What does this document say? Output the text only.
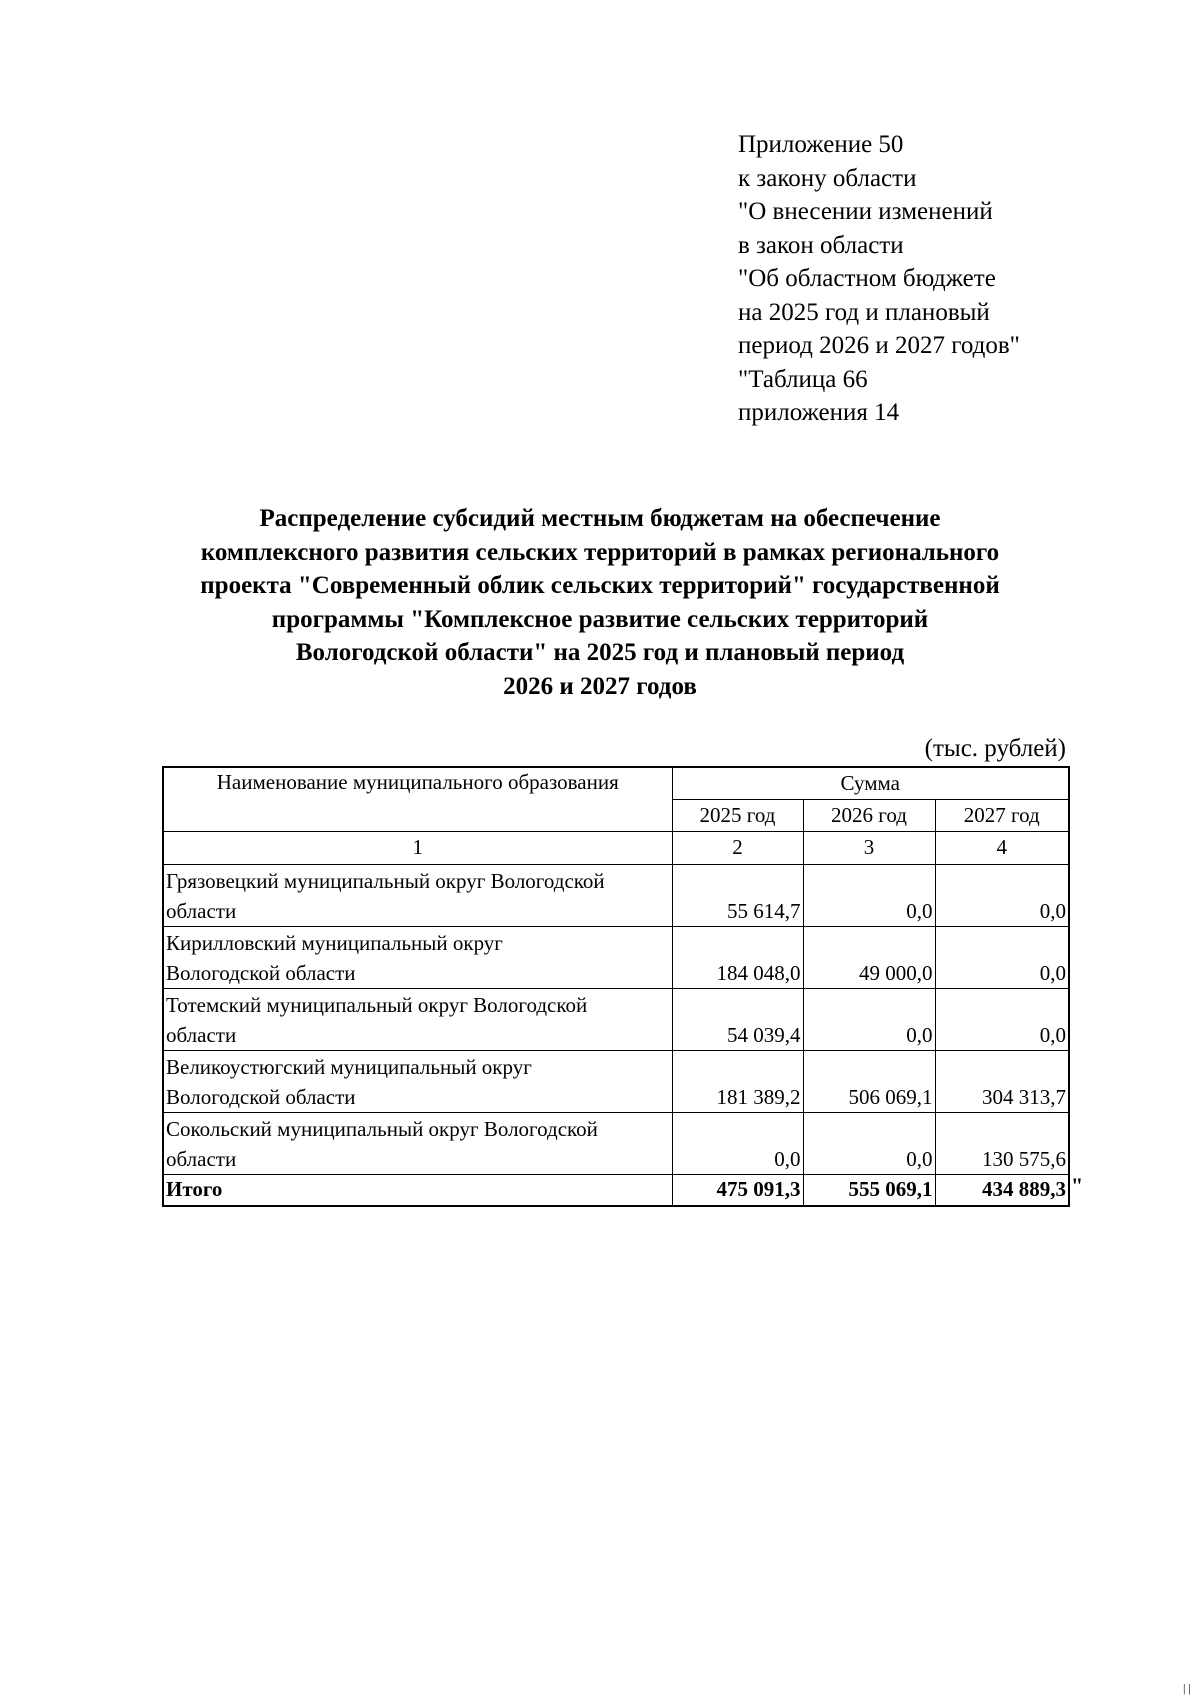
Приложение 50
к закону области
"О внесении изменений
в закон области
"Об областном бюджете
на 2025 год и плановый
период 2026 и 2027 годов"
"Таблица 66
приложения 14
Распределение субсидий местным бюджетам на обеспечение
комплексного развития сельских территорий в рамках регионального
проекта "Современный облик сельских территорий" государственной
программы "Комплексное развитие сельских территорий
Вологодской области" на 2025 год и плановый период
2026 и 2027 годов
(тыс. рублей)
Наименование муниципального образования	Сумма		
	2025 год	2026 год	2027 год
1	2	3	4

Грязовецкий муниципальный округ Вологодской
области	55 614,7	0,0	0,0

Кирилловский муниципальный округ
Вологодской области	184 048,0	49 000,0	0,0

Тотемский муниципальный округ Вологодской
области	54 039,4	0,0	0,0

Великоустюгский муниципальный округ
Вологодской области	181 389,2	506 069,1	304 313,7

Сокольский муниципальный округ Вологодской
области	0,0	0,0	130 575,6
Итого	475 091,3	555 069,1	434 889,3 "
| |
